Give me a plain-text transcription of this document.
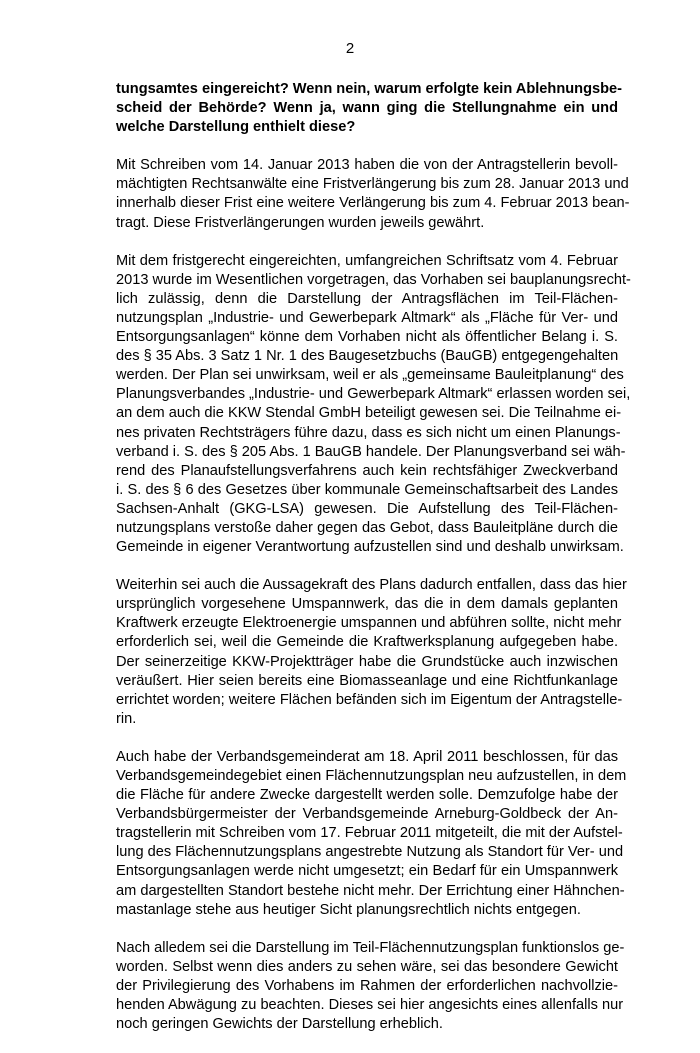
2
tungsamtes eingereicht? Wenn nein, warum erfolgte kein Ablehnungsbe-
scheid der Behörde? Wenn ja, wann ging die Stellungnahme ein und
welche Darstellung enthielt diese?
Mit Schreiben vom 14. Januar 2013 haben die von der Antragstellerin bevoll-
mächtigten Rechtsanwälte eine Fristverlängerung bis zum 28. Januar 2013 und
innerhalb dieser Frist eine weitere Verlängerung bis zum 4. Februar 2013 bean-
tragt. Diese Fristverlängerungen wurden jeweils gewährt.
Mit dem fristgerecht eingereichten, umfangreichen Schriftsatz vom 4. Februar
2013 wurde im Wesentlichen vorgetragen, das Vorhaben sei bauplanungsrecht-
lich zulässig, denn die Darstellung der Antragsflächen im Teil-Flächen-
nutzungsplan „Industrie- und Gewerbepark Altmark“ als „Fläche für Ver- und
Entsorgungsanlagen“ könne dem Vorhaben nicht als öffentlicher Belang i. S.
des § 35 Abs. 3 Satz 1 Nr. 1 des Baugesetzbuchs (BauGB) entgegengehalten
werden. Der Plan sei unwirksam, weil er als „gemeinsame Bauleitplanung“ des
Planungsverbandes „Industrie- und Gewerbepark Altmark“ erlassen worden sei,
an dem auch die KKW Stendal GmbH beteiligt gewesen sei. Die Teilnahme ei-
nes privaten Rechtsträgers führe dazu, dass es sich nicht um einen Planungs-
verband i. S. des § 205 Abs. 1 BauGB handele. Der Planungsverband sei wäh-
rend des Planaufstellungsverfahrens auch kein rechtsfähiger Zweckverband
i. S. des § 6 des Gesetzes über kommunale Gemeinschaftsarbeit des Landes
Sachsen-Anhalt (GKG-LSA) gewesen. Die Aufstellung des Teil-Flächen-
nutzungsplans verstoße daher gegen das Gebot, dass Bauleitpläne durch die
Gemeinde in eigener Verantwortung aufzustellen sind und deshalb unwirksam.
Weiterhin sei auch die Aussagekraft des Plans dadurch entfallen, dass das hier
ursprünglich vorgesehene Umspannwerk, das die in dem damals geplanten
Kraftwerk erzeugte Elektroenergie umspannen und abführen sollte, nicht mehr
erforderlich sei, weil die Gemeinde die Kraftwerksplanung aufgegeben habe.
Der seinerzeitige KKW-Projektträger habe die Grundstücke auch inzwischen
veräußert. Hier seien bereits eine Biomasseanlage und eine Richtfunkanlage
errichtet worden; weitere Flächen befänden sich im Eigentum der Antragstelle-
rin.
Auch habe der Verbandsgemeinderat am 18. April 2011 beschlossen, für das
Verbandsgemeindegebiet einen Flächennutzungsplan neu aufzustellen, in dem
die Fläche für andere Zwecke dargestellt werden solle. Demzufolge habe der
Verbandsbürgermeister der Verbandsgemeinde Arneburg-Goldbeck der An-
tragstellerin mit Schreiben vom 17. Februar 2011 mitgeteilt, die mit der Aufstel-
lung des Flächennutzungsplans angestrebte Nutzung als Standort für Ver- und
Entsorgungsanlagen werde nicht umgesetzt; ein Bedarf für ein Umspannwerk
am dargestellten Standort bestehe nicht mehr. Der Errichtung einer Hähnchen-
mastanlage stehe aus heutiger Sicht planungsrechtlich nichts entgegen.
Nach alledem sei die Darstellung im Teil-Flächennutzungsplan funktionslos ge-
worden. Selbst wenn dies anders zu sehen wäre, sei das besondere Gewicht
der Privilegierung des Vorhabens im Rahmen der erforderlichen nachvollzie-
henden Abwägung zu beachten. Dieses sei hier angesichts eines allenfalls nur
noch geringen Gewichts der Darstellung erheblich.
